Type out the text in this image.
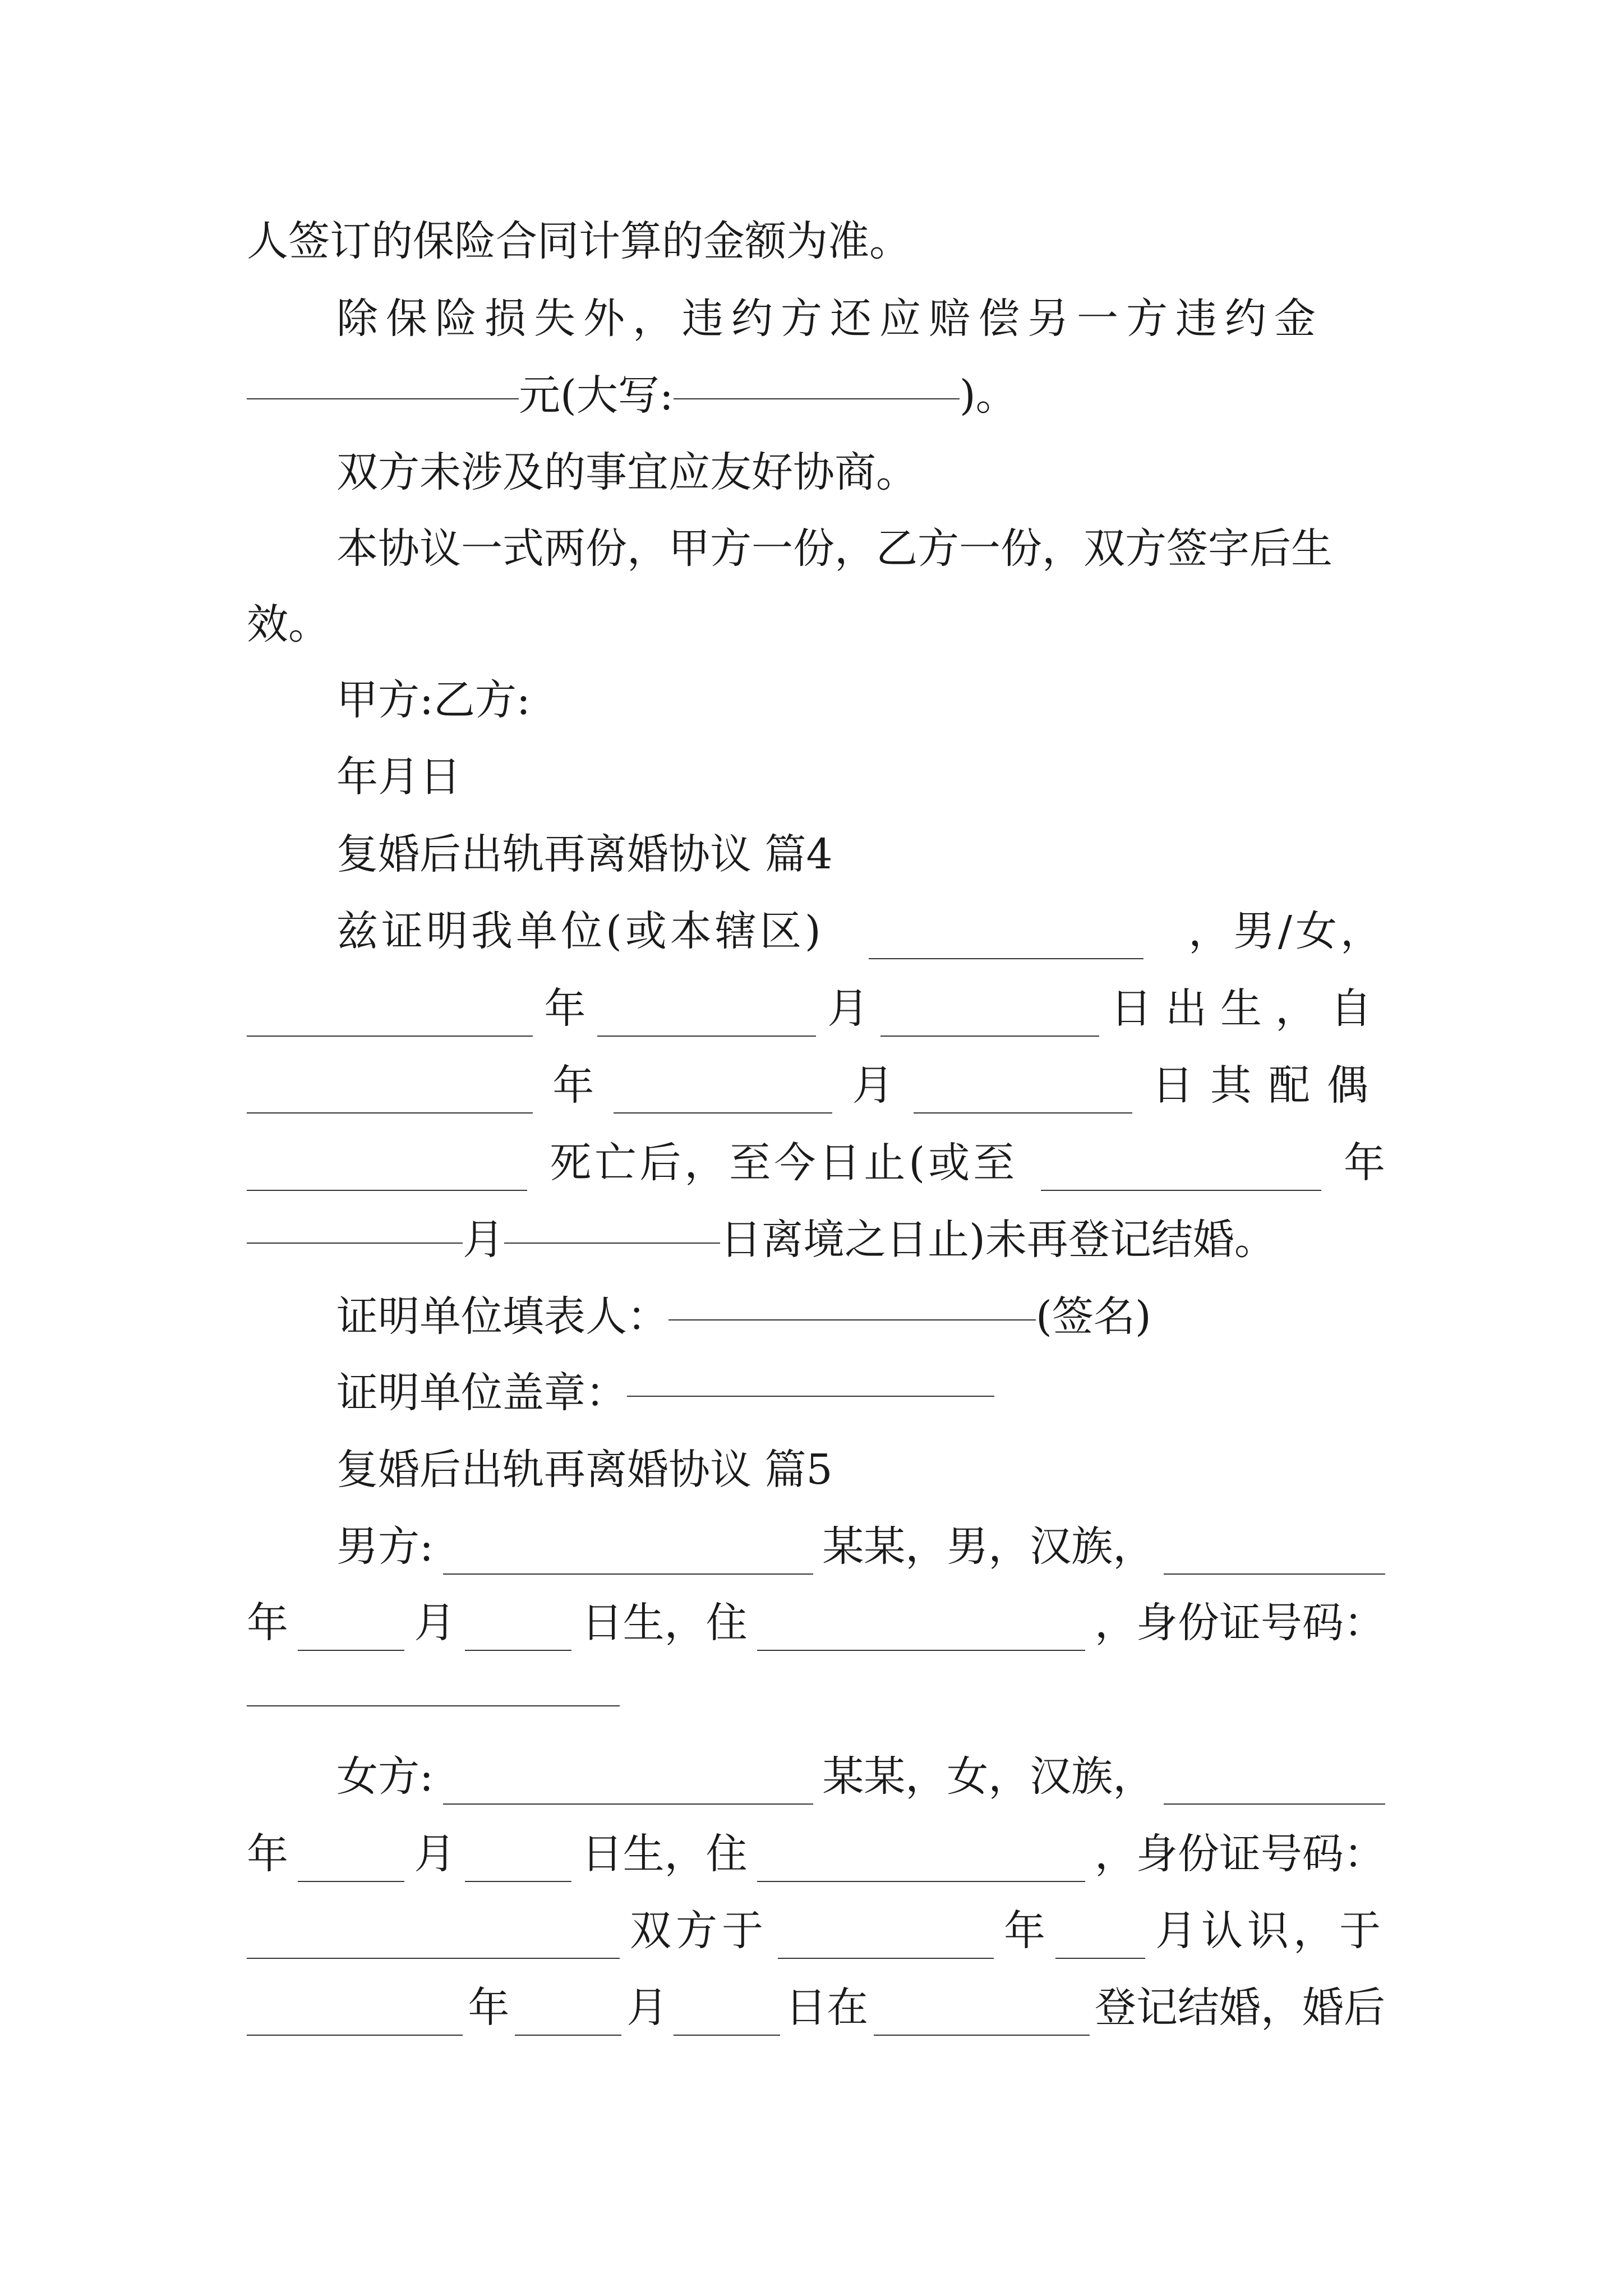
人签订的保险合同计算的金额为准。
除保险损失外，违约方还应赔偿另一方违约金
元(大写:	)。
双方未涉及的事宜应友好协商。
本协议一式两份，甲方一份，乙方一份，双方签字后生
效。
甲方:乙方:
年月日
复婚后出轨再离婚协议 篇4
兹证明我单位(或本辖区)	，男/女，
年	月	日出生，自
年	月	日其配偶
死亡后，至今日止(或至	年
月	日离境之日止)未再登记结婚。
证明单位填表人：	(签名)
证明单位盖章：
复婚后出轨再离婚协议 篇5
男方:	某某，男，汉族，
年	月	日生，住	，身份证号码：
女方:	某某，女，汉族，
年	月	日生，住	，身份证号码：
双方于	年	月认识，于
年	月	日在	登记结婚，婚后
